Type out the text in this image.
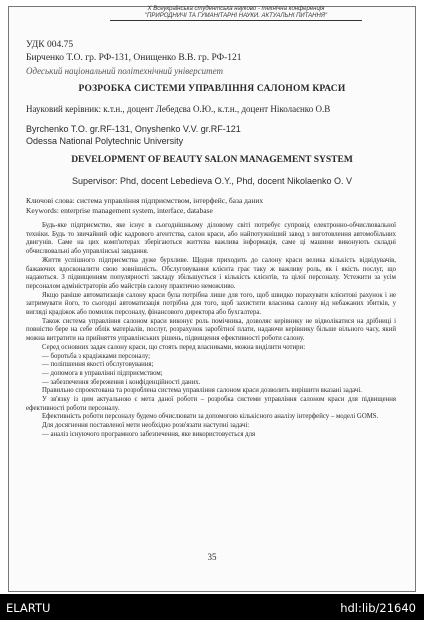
X Всеукраїнська студентська науково - технічна конференція
"ПРИРОДНИЧІ ТА ГУМАНІТАРНІ НАУКИ. АКТУАЛЬНІ ПИТАННЯ"
УДК 004.75
Бирченко Т.О. гр. РФ-131, Онищенко В.В. гр. РФ-121
Одеський національний політехнічний університет
РОЗРОБКА СИСТЕМИ УПРАВЛІННЯ САЛОНОМ КРАСИ
Науковий керівник: к.т.н., доцент Лебедєва О.Ю., к.т.н., доцент Ніколаєнко О.В
Byrchenko T.O. gr.RF-131, Onyshenko V.V. gr.RF-121
Odessa National Polytechnic University
DEVELOPMENT OF BEAUTY SALON MANAGEMENT SYSTEM
Supervisor: Phd, docent Lebedieva O.Y., Phd, docent Nikolaenko O. V
Ключові слова: система управління підприємством, інтерфейс, база даних
Keywords: enterprise management system, interface, database

Будь-яке підприємство, яке існує в сьогоднішньому діловому світі потребує супровід електронно-обчислювальної техніки. Будь то звичайний офіс кадрового агентства, салон краси, або найпотужніший завод з виготовлення автомобільних двигунів. Саме на цих комп'ютерах зберігаються життєва важлива інформація, саме ці машини виконують складні обчислювальні або управлінські завдання.

Життя успішного підприємства дуже бурхливе. Щодня приходить до салону краси велика кількість відвідувачів, бажаючих вдосконалити свою зовнішність. Обслуговування клієнта грає таку ж важливу роль, як і якість послуг, що надаються. З підвищенням популярності закладу збільшується і кількість клієнтів, та цілої персоналу. Устежити за усім персоналом адміністраторів або майстрів салону практично неможливо.

Якщо раніше автоматизація салону краси була потрібна лише для того, щоб швидко порахувати клієнтові рахунок і не затримувати його, то сьогодні автоматизація потрібна для того, щоб захистити власника салону від небажаних збитків, у вигляді крадіжок або помилок персоналу, фінансового директора або бухгалтера.

Також система управління салоном краси виконує роль помічника, дозволяє керівнику не відволікатися на дрібниці і повністю бере на себе облік матеріалів, послуг, розрахунок заробітної плати, надаючи керівнику більше вільного часу, який можна витратити на прийняття управлінських рішень, підвищення ефективності роботи салону.

Серед основних задач салону краси, що стоять перед власниками, можна виділити чотири:

— боротьба з крадіжками персоналу;
— поліпшення якості обслуговування;
— допомога в управлінні підприємством;
— забезпечення збереження і конфіденційності даних.

Правильно спроектована та розроблена система управління салоном краси дозволить вирішити вказані задачі.

У зв'язку із цим актуальною є мета даної роботи – розробка системи управління салоном краси для підвищення ефективності роботи персоналу.

Ефективність роботи персоналу будемо обчислювати за допомогою кількісного аналізу інтерфейсу – моделі GOMS.

Для досягнення поставленої мети необхідно розв'язати наступні задачі:

— аналіз існуючого програмного забезпечення, яке використовується для

35
ELARTU	hdl:lib/21640
